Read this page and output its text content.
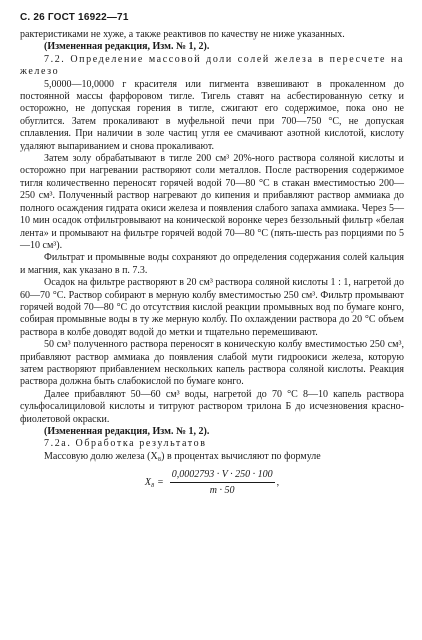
С. 26 ГОСТ 16922—71

рактеристиками не хуже, а также реактивов по качеству не ниже указанных.

(Измененная редакция, Изм. № 1, 2).

7.2. Определение массовой доли солей железа в пересчете на железо

5,0000—10,0000 г красителя или пигмента взвешивают в прокаленном до постоянной массы фарфоровом тигле. Тигель ставят на асбестированную сетку и осторожно, не допуская горения в тигле, сжигают его содержимое, пока оно не обуглится. Затем прокаливают в муфельной печи при 700—750 °С, не допуская сплавления. При наличии в золе частиц угля ее смачивают азотной кислотой, кислоту удаляют выпариванием и снова прокаливают.

Затем золу обрабатывают в тигле 200 см³ 20%-ного раствора соляной кислоты и осторожно при нагревании растворяют соли металлов. После растворения содержимое тигля количественно переносят горячей водой 70—80 °С в стакан вместимостью 200—250 см³. Полученный раствор нагревают до кипения и прибавляют раствор аммиака до полного осаждения гидрата окиси железа и появления слабого запаха аммиака. Через 5—10 мин осадок отфильтровывают на конической воронке через беззольный фильтр «белая лента» и промывают на фильтре горячей водой 70—80 °С (пять-шесть раз порциями по 5—10 см³).

Фильтрат и промывные воды сохраняют до определения содержания солей кальция и магния, как указано в п. 7.3.

Осадок на фильтре растворяют в 20 см³ раствора соляной кислоты 1 : 1, нагретой до 60—70 °С. Раствор собирают в мерную колбу вместимостью 250 см³. Фильтр промывают горячей водой 70—80 °С до отсутствия кислой реакции промывных вод по бумаге конго, собирая промывные воды в ту же мерную колбу. По охлаждении раствора до 20 °С объем раствора в колбе доводят водой до метки и тщательно перемешивают.

50 см³ полученного раствора переносят в коническую колбу вместимостью 250 см³, прибавляют раствор аммиака до появления слабой мути гидроокиси железа, которую затем растворяют прибавлением нескольких капель раствора соляной кислоты. Реакция раствора должна быть слабокислой по бумаге конго.

Далее прибавляют 50—60 см³ воды, нагретой до 70 °С 8—10 капель раствора сульфосалициловой кислоты и титруют раствором трилона Б до исчезновения красно-фиолетовой окраски.

(Измененная редакция, Изм. № 1, 2).

7.2а. Обработка результатов

Массовую долю железа (X₈) в процентах вычисляют по формуле

$X_8 = \frac{0,0002793 \cdot V \cdot 250 \cdot 100}{m \cdot 50}$ ,
